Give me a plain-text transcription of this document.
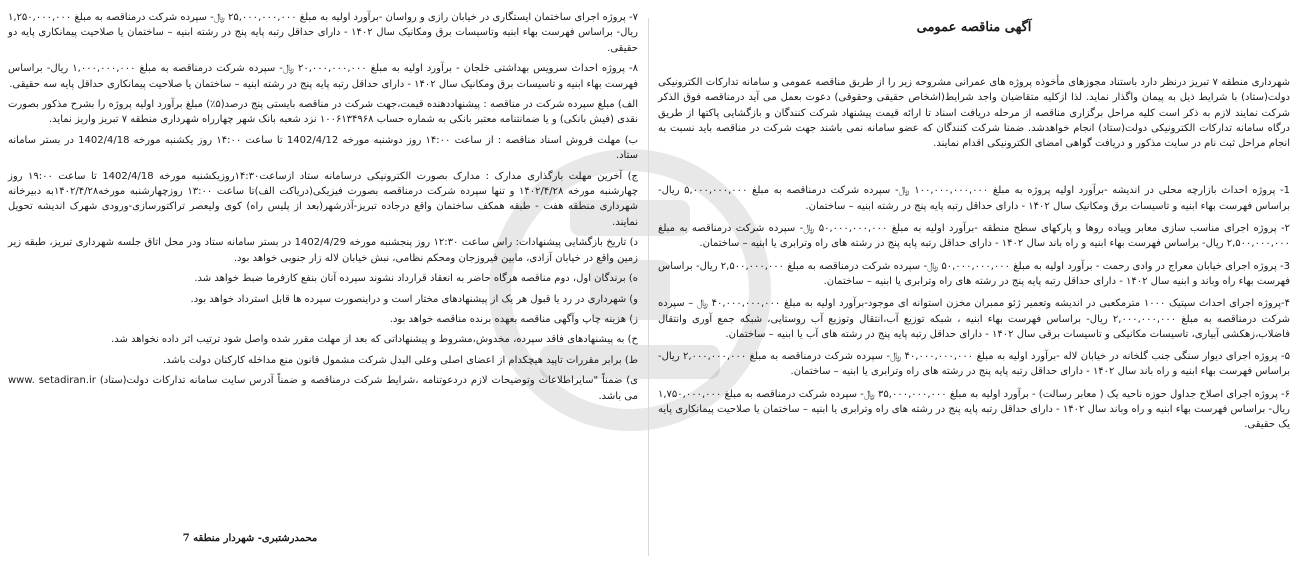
آگهی مناقصه عمومی

شهرداری منطقه ۷ تبریز درنظر دارد باستناد مجوزهای مأخوذه پروژه های عمرانی مشروحه زیر را از طریق مناقصه عمومی و سامانه تدارکات الکترونیکی دولت(ستاد) با شرایط ذیل به پیمان واگذار نماید. لذا ازکلیه متقاضیان واجد شرایط(اشخاص حقیقی وحقوقی) دعوت بعمل می آید درمناقصه فوق الذکر شرکت نمایند لازم به ذکر است کلیه مراحل برگزاری مناقصه از مرحله دریافت اسناد تا ارائه قیمت پیشنهاد شرکت کنندگان و بازگشایی پاکتها از طریق درگاه سامانه تدارکات الکترونیکی دولت(ستاد) انجام خواهدشد. ضمنا شرکت کنندگان که عضو سامانه نمی باشند جهت شرکت در مناقصه باید نسبت به انجام مراحل ثبت نام در سایت مذکور و دریافت گواهی امضای الکترونیکی اقدام نمایند.

1- پروژه احداث بازارچه محلی در اندیشه -برآورد اولیه پروژه به مبلغ ۱۰۰,۰۰۰,۰۰۰,۰۰۰ ﷼- سپرده شرکت درمناقصه به مبلغ ۵,۰۰۰,۰۰۰,۰۰۰ ریال- براساس فهرست بهاء ابنیه و تاسیسات برق ومکانیک سال ۱۴۰۲ - دارای حداقل رتبه پایه پنج در رشته ابنیه – ساختمان.

۲- پروژه اجرای مناسب سازی معابر وپیاده روها و پارکهای سطح منطقه -برآورد اولیه به مبلغ ۵۰,۰۰۰,۰۰۰,۰۰۰ ﷼- سپرده شرکت درمناقصه به مبلغ ۲,۵۰۰,۰۰۰,۰۰۰ ریال- براساس فهرست بهاء ابنیه و راه باند سال ۱۴۰۲ - دارای حداقل رتبه پایه پنج در رشته های راه وترابری یا ابنیه – ساختمان.

3- پروژه اجرای خیابان معراج در وادی رحمت - برآورد اولیه به مبلغ ۵۰,۰۰۰,۰۰۰,۰۰۰ ﷼- سپرده شرکت درمناقصه به مبلغ ۲,۵۰۰,۰۰۰,۰۰۰ ریال- براساس فهرست بهاء راه وباند و ابنیه سال ۱۴۰۲ - دارای حداقل رتبه پایه پنج در رشته های راه وترابری یا ابنیه – ساختمان.

۴-پروژه اجرای احداث سپتیک ۱۰۰۰ مترمکعبی در اندیشه وتعمیر ژئو ممبران مخزن استوانه ای موجود-برآورد اولیه به مبلغ ۴۰,۰۰۰,۰۰۰,۰۰۰ ﷼ – سپرده شرکت درمناقصه به مبلغ ۲,۰۰۰,۰۰۰,۰۰۰ ریال- براساس فهرست بهاء ابنیه ، شبکه توزیع آب،انتقال وتوزیع آب روستایی، شبکه جمع آوری وانتقال فاضلاب،زهکشی آبیاری، تاسیسات مکانیکی و تاسیسات برقی سال ۱۴۰۲ - دارای حداقل رتبه پایه پنج در رشته های آب یا ابنیه – ساختمان.

۵- پروژه اجرای دیوار سنگی جنب گلخانه در خیابان لاله -برآورد اولیه به مبلغ ۴۰,۰۰۰,۰۰۰,۰۰۰ ﷼- سپرده شرکت درمناقصه به مبلغ ۲,۰۰۰,۰۰۰,۰۰۰ ریال- براساس فهرست بهاء ابنیه و راه باند سال ۱۴۰۲ - دارای حداقل رتبه پایه پنج در رشته های راه وترابری یا ابنیه – ساختمان.

۶- پروژه اجرای اصلاح جداول حوزه ناحیه یک ( معابر رسالت) - برآورد اولیه به مبلغ ۳۵,۰۰۰,۰۰۰,۰۰۰ ﷼- سپرده شرکت درمناقصه به مبلغ ۱,۷۵۰,۰۰۰,۰۰۰ ریال- براساس فهرست بهاء ابنیه و راه وباند سال ۱۴۰۲ - دارای حداقل رتبه پایه پنج در رشته های راه وترابری یا ابنیه – ساختمان یا صلاحیت پیمانکاری پایه یک حقیقی.

۷- پروژه اجرای ساختمان ایستگاری در خیابان رازی و رواسان -برآورد اولیه به مبلغ ۲۵,۰۰۰,۰۰۰,۰۰۰ ﷼- سپرده شرکت درمناقصه به مبلغ ۱,۲۵۰,۰۰۰,۰۰۰ ریال- براساس فهرست بهاء ابنیه وتاسیسات برق ومکانیک سال ۱۴۰۲ - دارای حداقل رتبه پایه پنج در رشته ابنیه – ساختمان یا صلاحیت پیمانکاری پایه دو حقیقی.

۸- پروژه احداث سرویس بهداشتی خلجان - برآورد اولیه به مبلغ ۲۰,۰۰۰,۰۰۰,۰۰۰ ﷼- سپرده شرکت درمناقصه به مبلغ ۱,۰۰۰,۰۰۰,۰۰۰ ریال- براساس فهرست بهاء ابنیه و تاسیسات برق ومکانیک سال ۱۴۰۲ - دارای حداقل رتبه پایه پنج در رشته ابنیه – ساختمان یا صلاحیت پیمانکاری حداقل پایه سه حقیقی.

الف) مبلغ سپرده شرکت در مناقصه : پیشنهاددهنده قیمت،جهت شرکت در مناقصه بایستی پنج درصد(۵٪) مبلغ برآورد اولیه پروژه را بشرح مذکور بصورت نقدی (فیش بانکی) و یا ضمانتنامه معتبر بانکی به شماره حساب ۱۰۰۶۱۳۴۹۶۸ نزد شعبه بانک شهر چهارراه شهرداری منطقه ۷ تبریز واریز نماید.

ب) مهلت فروش اسناد مناقصه : از ساعت ۱۴:۰۰ روز دوشنبه مورخه 1402/4/12 تا ساعت ۱۴:۰۰ روز یکشنبه مورخه 1402/4/18 در بستر سامانه ستاد.

ج) آخرین مهلت بارگذاری مدارک : مدارک بصورت الکترونیکی درسامانه ستاد ازساعت۱۴:۳۰روزیکشنبه مورخه 1402/4/18 تا ساعت ۱۹:۰۰ روز چهارشنبه مورخه ۱۴۰۲/۴/۲۸ و تنها سپرده شرکت درمناقصه بصورت فیزیکی(دریاکت الف)تا ساعت ۱۳:۰۰ روزچهارشنبه مورخه۱۴۰۲/۴/۲۸به دبیرخانه شهرداری منطقه هفت - طبقه همکف ساختمان واقع درجاده تبریز-آذرشهر(بعد از پلیس راه) کوی ولیعصر تراکتورسازی-ورودی شهرک اندیشه تحویل نمایند.

د) تاریخ بازگشایی پیشنهادات: راس ساعت ۱۲:۳۰ روز پنجشنبه مورخه 1402/4/29 در بستر سامانه ستاد ودر محل اتاق جلسه شهرداری تبریز، طبقه زیر زمین واقع در خیابان آزادی، مابین فیروزجان ومحکم نظامی، نبش خیابان لاله زار جنوبی خواهد بود.

ه) برندگان اول، دوم مناقصه هرگاه حاضر به انعقاد قرارداد نشوند سپرده آنان بنفع کارفرما ضبط خواهد شد.

و) شهرداری در رد یا قبول هر یک از پیشنهادهای مختار است و دراینصورت سپرده ها قابل استرداد خواهد بود.

ز) هزینه چاپ وآگهی مناقصه بعهده برنده مناقصه خواهد بود.

ح) به پیشنهادهای فاقد سپرده، مخدوش،مشروط و پیشنهاداتی که بعد از مهلت مقرر شده واصل شود ترتیب اثر داده نخواهد شد.

ط) برابر مقررات تاپید هیچکدام از اعضای اصلی وعلی البدل شرکت مشمول قانون منع مداخله کارکنان دولت باشد.

ی) ضمناً "سایراطلاعات وتوضیحات لازم دردعوتنامه ،شرایط شرکت درمناقصه و ضمناً آدرس سایت سامانه تدارکات دولت(ستاد) www. setadiran.ir می باشد.

محمدرشتبری- شهردار منطقه 7
